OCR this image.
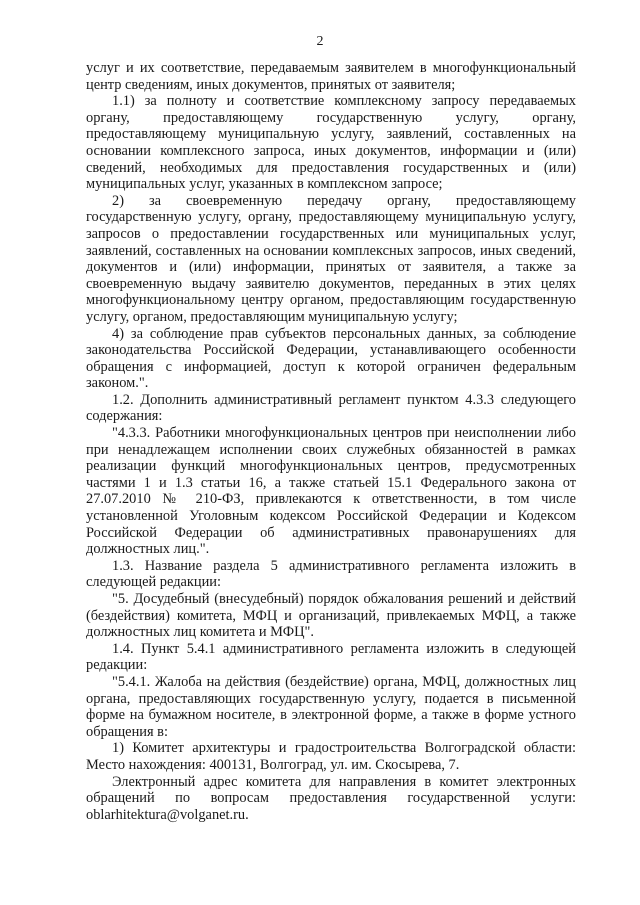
2

услуг и их соответствие, передаваемым заявителем в многофункциональный центр сведениям, иных документов, принятых от заявителя;

1.1) за полноту и соответствие комплексному запросу передаваемых органу, предоставляющему государственную услугу, органу, предоставляющему муниципальную услугу, заявлений, составленных на основании комплексного запроса, иных документов, информации и (или) сведений, необходимых для предоставления государственных и (или) муниципальных услуг, указанных в комплексном запросе;

2) за своевременную передачу органу, предоставляющему государственную услугу, органу, предоставляющему муниципальную услугу, запросов о предоставлении государственных или муниципальных услуг, заявлений, составленных на основании комплексных запросов, иных сведений, документов и (или) информации, принятых от заявителя, а также за своевременную выдачу заявителю документов, переданных в этих целях многофункциональному центру органом, предоставляющим государственную услугу, органом, предоставляющим муниципальную услугу;

4) за соблюдение прав субъектов персональных данных, за соблюдение законодательства Российской Федерации, устанавливающего особенности обращения с информацией, доступ к которой ограничен федеральным законом.".

1.2. Дополнить административный регламент пунктом 4.3.3 следующего содержания:

"4.3.3. Работники многофункциональных центров при неисполнении либо при ненадлежащем исполнении своих служебных обязанностей в рамках реализации функций многофункциональных центров, предусмотренных частями 1 и 1.3 статьи 16, а также статьей 15.1 Федерального закона от 27.07.2010 № 210-ФЗ, привлекаются к ответственности, в том числе установленной Уголовным кодексом Российской Федерации и Кодексом Российской Федерации об административных правонарушениях для должностных лиц.".

1.3. Название раздела 5 административного регламента изложить в следующей редакции:

"5. Досудебный (внесудебный) порядок обжалования решений и действий (бездействия) комитета, МФЦ и организаций, привлекаемых МФЦ, а также должностных лиц комитета и МФЦ".

1.4. Пункт 5.4.1 административного регламента изложить в следующей редакции:

"5.4.1. Жалоба на действия (бездействие) органа, МФЦ, должностных лиц органа, предоставляющих государственную услугу, подается в письменной форме на бумажном носителе, в электронной форме, а также в форме устного обращения в:

1) Комитет архитектуры и градостроительства Волгоградской области: Место нахождения: 400131, Волгоград, ул. им. Скосырева, 7.

Электронный адрес комитета для направления в комитет электронных обращений по вопросам предоставления государственной услуги: oblarhitektura@volganet.ru.
